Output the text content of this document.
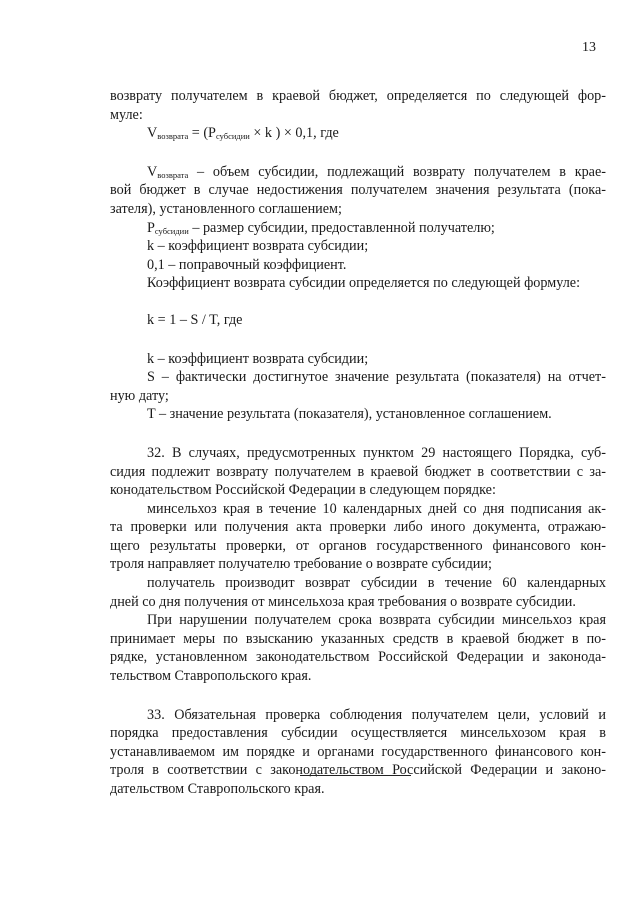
13
возврату получателем в краевой бюджет, определяется по следующей фор-
муле:
$V_{возврата} = (P_{субсидии} \times k$ ) × 0,1, где
$V_{возврата}$ – объем субсидии, подлежащий возврату получателем в крае-
вой бюджет в случае недостижения получателем значения результата (пока-
зателя), установленного соглашением;
$P_{субсидии}$ – размер субсидии, предоставленной получателю;
k – коэффициент возврата субсидии;
0,1 – поправочный коэффициент.
Коэффициент возврата субсидии определяется по следующей формуле:
k = 1 – S / T, где
k – коэффициент возврата субсидии;
S – фактически достигнутое значение результата (показателя) на отчет-
ную дату;
T – значение результата (показателя), установленное соглашением.
32. В случаях, предусмотренных пунктом 29 настоящего Порядка, суб-
сидия подлежит возврату получателем в краевой бюджет в соответствии с за-
конодательством Российской Федерации в следующем порядке:
минсельхоз края в течение 10 календарных дней со дня подписания ак-
та проверки или получения акта проверки либо иного документа, отражаю-
щего результаты проверки, от органов государственного финансового кон-
троля направляет получателю требование о возврате субсидии;
получатель производит возврат субсидии в течение 60 календарных
дней со дня получения от минсельхоза края требования о возврате субсидии.
При нарушении получателем срока возврата субсидии минсельхоз края
принимает меры по взысканию указанных средств в краевой бюджет в по-
рядке, установленном законодательством Российской Федерации и законода-
тельством Ставропольского края.
33. Обязательная проверка соблюдения получателем цели, условий и
порядка предоставления субсидии осуществляется минсельхозом края в
устанавливаемом им порядке и органами государственного финансового кон-
троля в соответствии с законодательством Российской Федерации и законо-
дательством Ставропольского края.
